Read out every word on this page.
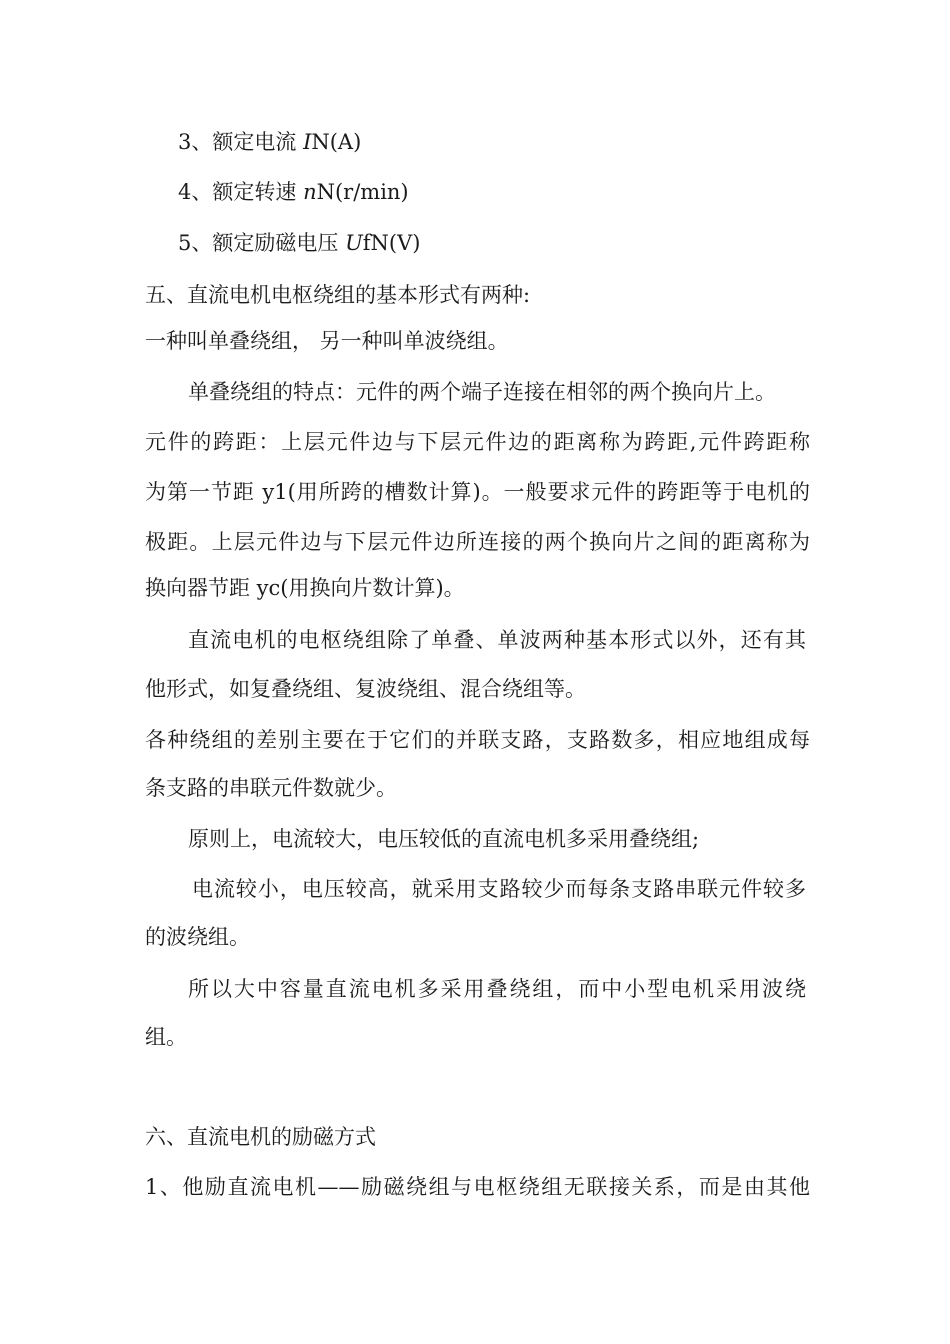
3、额定电流 IN(A)
4、额定转速 nN(r/min)
5、额定励磁电压 UfN(V)
五、直流电机电枢绕组的基本形式有两种:
一种叫单叠绕组， 另一种叫单波绕组。
单叠绕组的特点：元件的两个端子连接在相邻的两个换向片上。
元件的跨距：上层元件边与下层元件边的距离称为跨距,元件跨距称
为第一节距 y1(用所跨的槽数计算)。一般要求元件的跨距等于电机的
极距。上层元件边与下层元件边所连接的两个换向片之间的距离称为
换向器节距 yc(用换向片数计算)。
直流电机的电枢绕组除了单叠、单波两种基本形式以外，还有其
他形式，如复叠绕组、复波绕组、混合绕组等。
各种绕组的差别主要在于它们的并联支路，支路数多，相应地组成每
条支路的串联元件数就少。
原则上，电流较大，电压较低的直流电机多采用叠绕组;
电流较小，电压较高，就采用支路较少而每条支路串联元件较多
的波绕组。
所以大中容量直流电机多采用叠绕组，而中小型电机采用波绕
组。
六、直流电机的励磁方式
1、他励直流电机——励磁绕组与电枢绕组无联接关系，而是由其他
